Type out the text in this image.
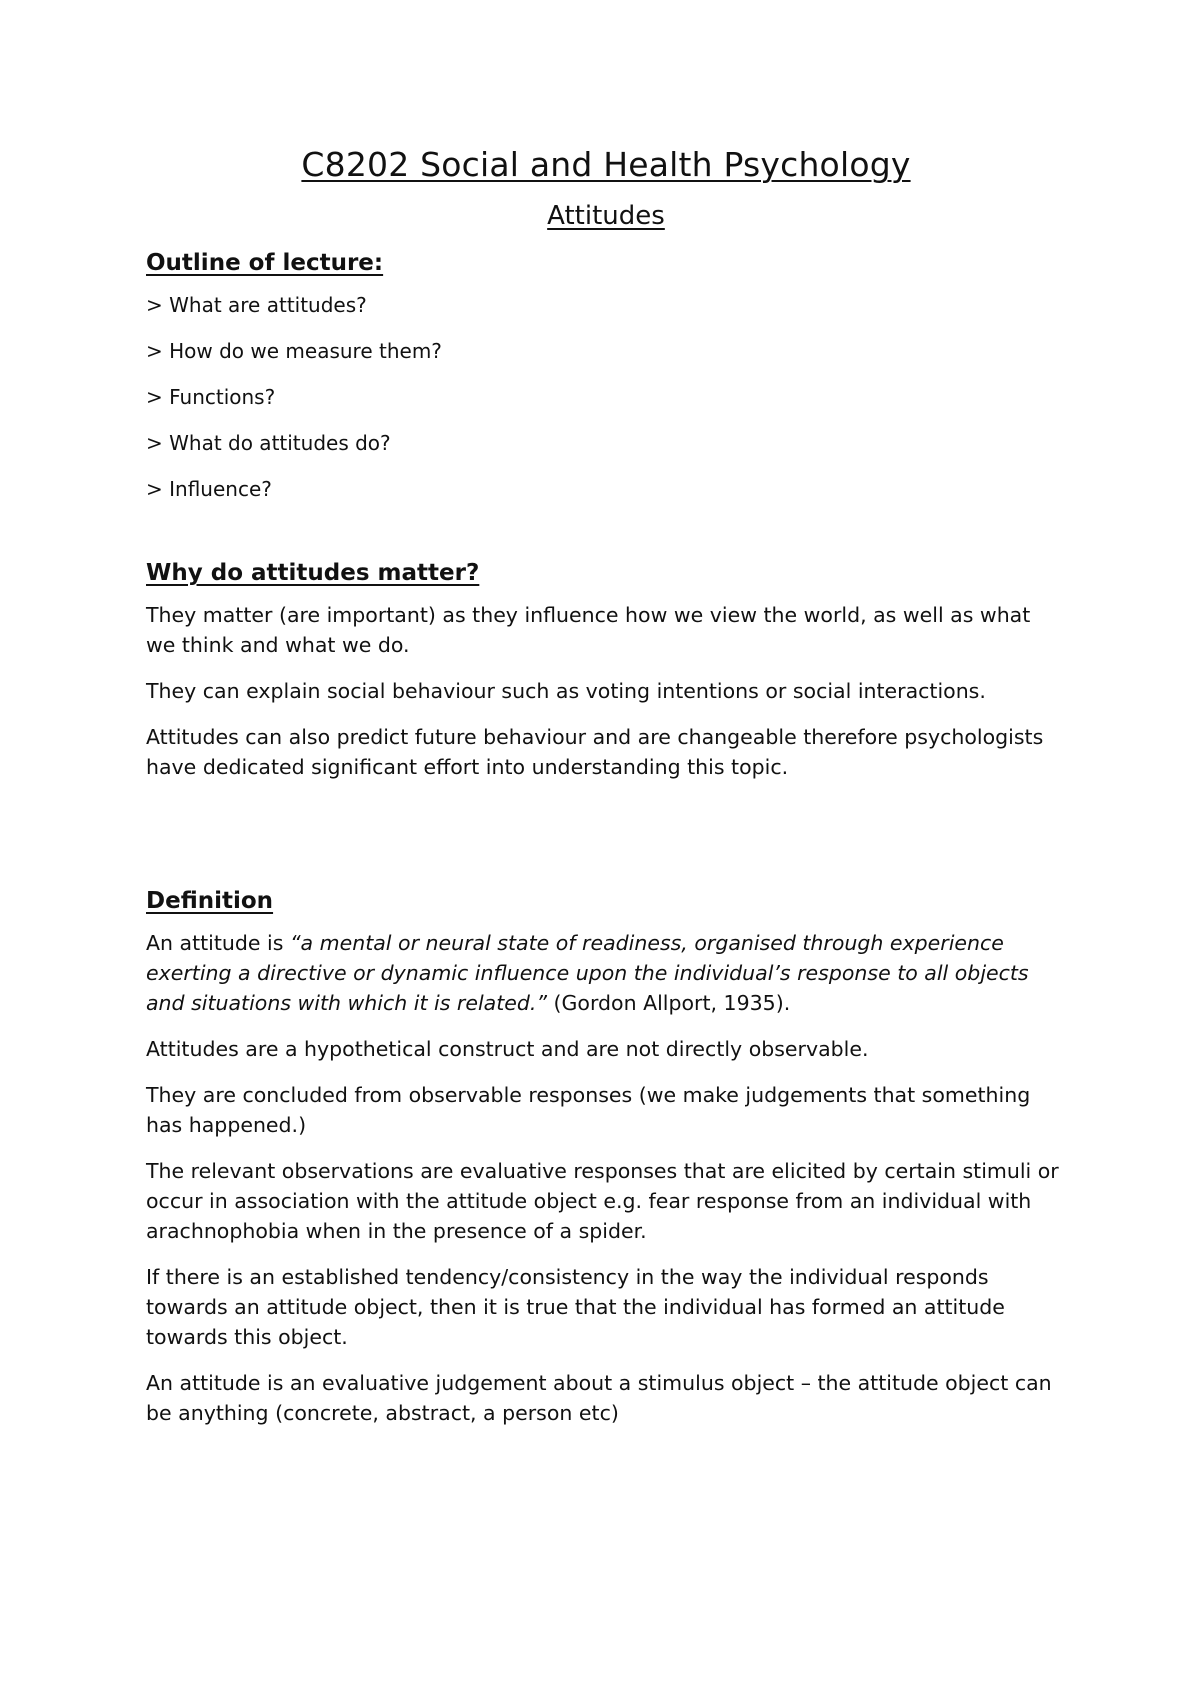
C8202 Social and Health Psychology
Attitudes
Outline of lecture:
> What are attitudes?
> How do we measure them?
> Functions?
> What do attitudes do?
> Influence?
Why do attitudes matter?

They matter (are important) as they influence how we view the world, as well as what we think and what we do.

They can explain social behaviour such as voting intentions or social interactions.

Attitudes can also predict future behaviour and are changeable therefore psychologists have dedicated significant effort into understanding this topic.

Definition

An attitude is “a mental or neural state of readiness, organised through experience exerting a directive or dynamic influence upon the individual’s response to all objects and situations with which it is related.” (Gordon Allport, 1935).

Attitudes are a hypothetical construct and are not directly observable.

They are concluded from observable responses (we make judgements that something has happened.)

The relevant observations are evaluative responses that are elicited by certain stimuli or occur in association with the attitude object e.g. fear response from an individual with arachnophobia when in the presence of a spider.

If there is an established tendency/consistency in the way the individual responds towards an attitude object, then it is true that the individual has formed an attitude towards this object.

An attitude is an evaluative judgement about a stimulus object – the attitude object can be anything (concrete, abstract, a person etc)
